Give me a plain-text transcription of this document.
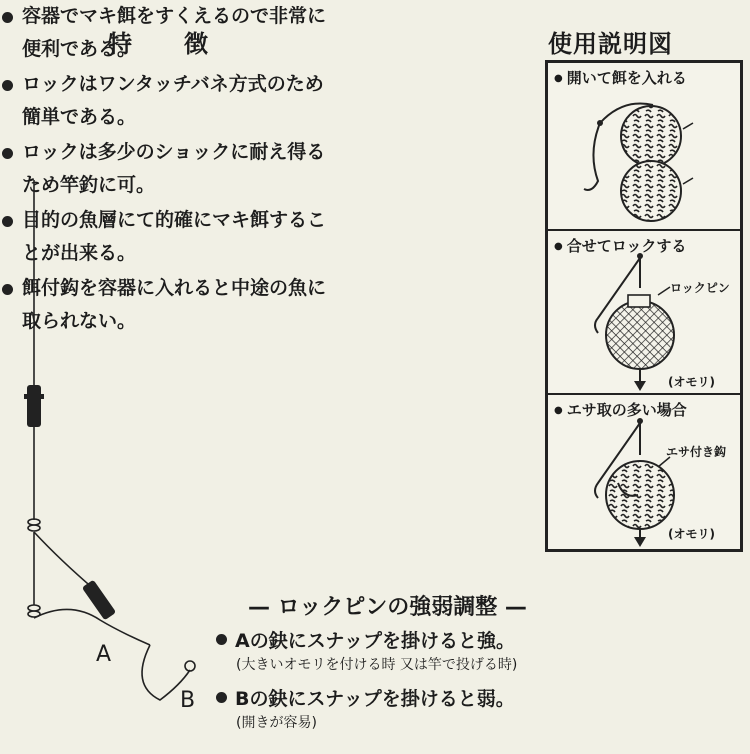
特　徴
容器でマキ餌をすくえるので非常に
便利である。
ロックはワンタッチバネ方式のため
簡単である。
ロックは多少のショックに耐え得る
ため竿釣に可。
目的の魚層にて的確にマキ餌するこ
とが出来る。
餌付鈎を容器に入れると中途の魚に
取られない。
使用説明図
● 開いて餌を入れる
● 合せてロックする
ロックピン
(オモリ)
● エサ取の多い場合
エサ付き鈎
(オモリ)
A
B
— ロックピンの強弱調整 —
Aの鈌にスナップを掛けると強。
(大きいオモリを付ける時 又は竿で投げる時)
Bの鈌にスナップを掛けると弱。
(開きが容易)
